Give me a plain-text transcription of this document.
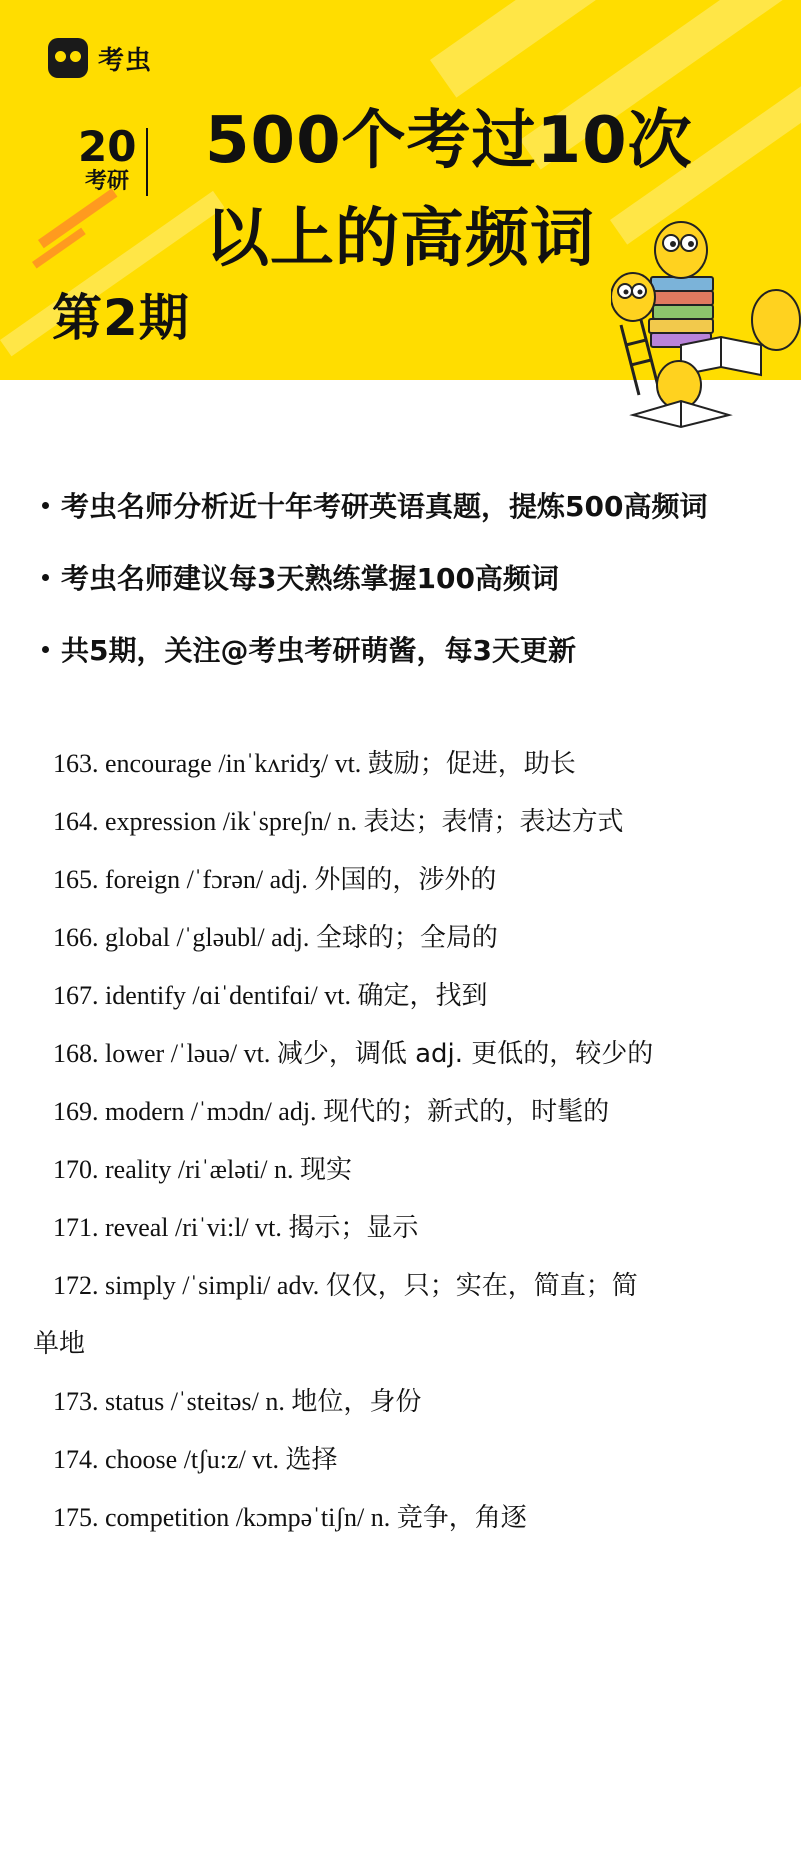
考虫
20
考研
500个考过10次
以上的高频词
第2期
考虫名师分析近十年考研英语真题，提炼500高频词
考虫名师建议每3天熟练掌握100高频词
共5期，关注@考虫考研萌酱，每3天更新
163. encourage /inˈkʌridʒ/ vt. 鼓励；促进，助长
164. expression /ikˈspreʃn/ n. 表达；表情；表达方式
165. foreign /ˈfɔrən/ adj. 外国的，涉外的
166. global /ˈgləubl/ adj. 全球的；全局的
167. identify /ɑiˈdentifɑi/ vt. 确定，找到
168. lower /ˈləuə/ vt. 减少，调低 adj. 更低的，较少的
169. modern /ˈmɔdn/ adj. 现代的；新式的，时髦的
170. reality /riˈæləti/ n. 现实
171. reveal /riˈvi:l/ vt. 揭示；显示
172. simply /ˈsimpli/ adv. 仅仅，只；实在，简直；简
单地
173. status /ˈsteitəs/ n. 地位，身份
174. choose /tʃu:z/ vt. 选择
175. competition /kɔmpəˈtiʃn/ n. 竞争，角逐
